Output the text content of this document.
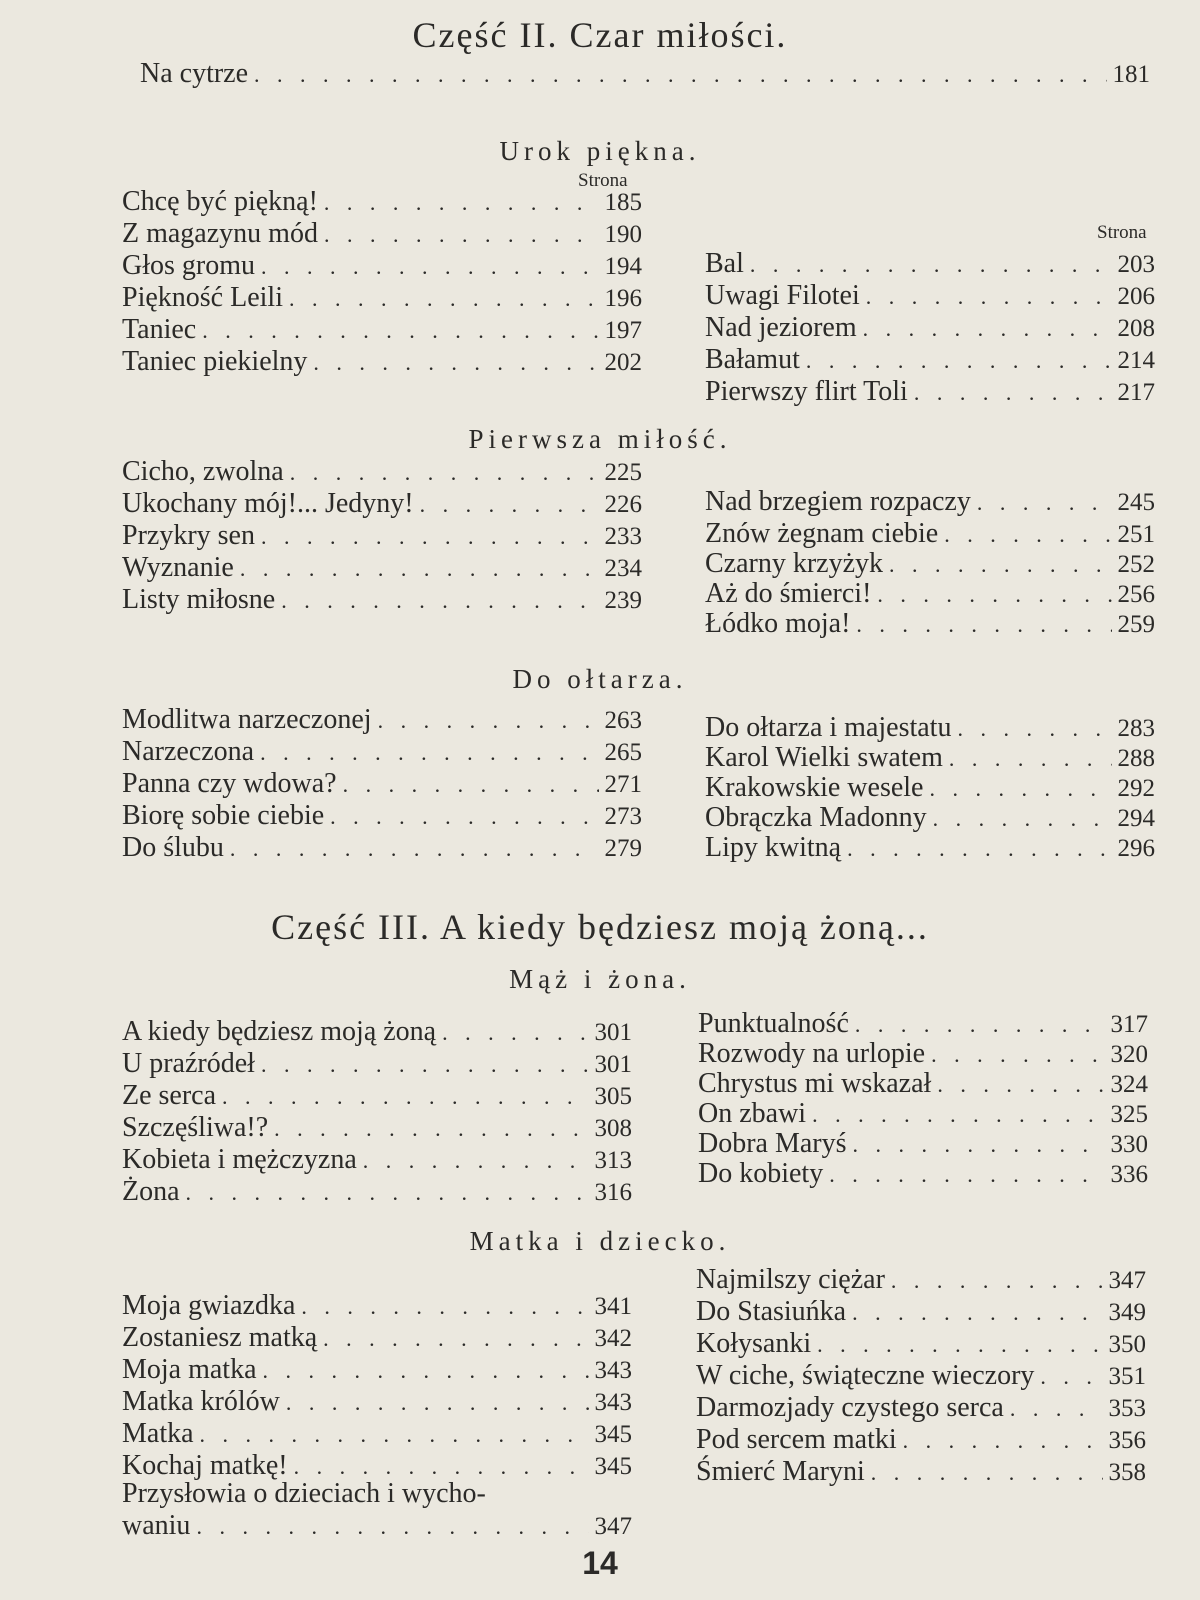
Część II. Czar miłości.
Na cytrze . . .	181
Urok piękna.
Strona
Strona
Chcę być piękną! . . .	185
Z magazynu mód . . .	190
Głos gromu . . .	194
Piękność Leili . . .	196
Taniec . . .	197
Taniec piekielny . . .	202
Bal . . .	203
Uwagi Filotei . . .	206
Nad jeziorem . . .	208
Bałamut . . .	214
Pierwszy flirt Toli . . .	217
Pierwsza miłość.
Cicho, zwolna . . .	225
Ukochany mój!... Jedyny! . . .	226
Przykry sen . . .	233
Wyznanie . . .	234
Listy miłosne . . .	239
Nad brzegiem rozpaczy . . .	245
Znów żegnam ciebie . . .	251
Czarny krzyżyk . . .	252
Aż do śmierci! . . .	256
Łódko moja! . . .	259
Do ołtarza.
Modlitwa narzeczonej . . .	263
Narzeczona . . .	265
Panna czy wdowa? . . .	271
Biorę sobie ciebie . . .	273
Do ślubu . . .	279
Do ołtarza i majestatu . . .	283
Karol Wielki swatem . . .	288
Krakowskie wesele . . .	292
Obrączka Madonny . . .	294
Lipy kwitną . . .	296
Część III. A kiedy będziesz moją żoną...
Mąż i żona.
A kiedy będziesz moją żoną . . .	301
U praźródeł . . .	301
Ze serca . . .	305
Szczęśliwa!? . . .	308
Kobieta i mężczyzna . . .	313
Żona . . .	316
Punktualność . . .	317
Rozwody na urlopie . . .	320
Chrystus mi wskazał . . .	324
On zbawi . . .	325
Dobra Maryś . . .	330
Do kobiety . . .	336
Matka i dziecko.
Moja gwiazdka . . .	341
Zostaniesz matką . . .	342
Moja matka . . .	343
Matka królów . . .	343
Matka . . .	345
Kochaj matkę! . . .	345
Przysłowia o dzieciach i wycho-
waniu . . .	347
Najmilszy ciężar . . .	347
Do Stasiuńka . . .	349
Kołysanki . . .	350
W ciche, świąteczne wieczory . . .	351
Darmozjady czystego serca . . .	353
Pod sercem matki . . .	356
Śmierć Maryni . . .	358
14
